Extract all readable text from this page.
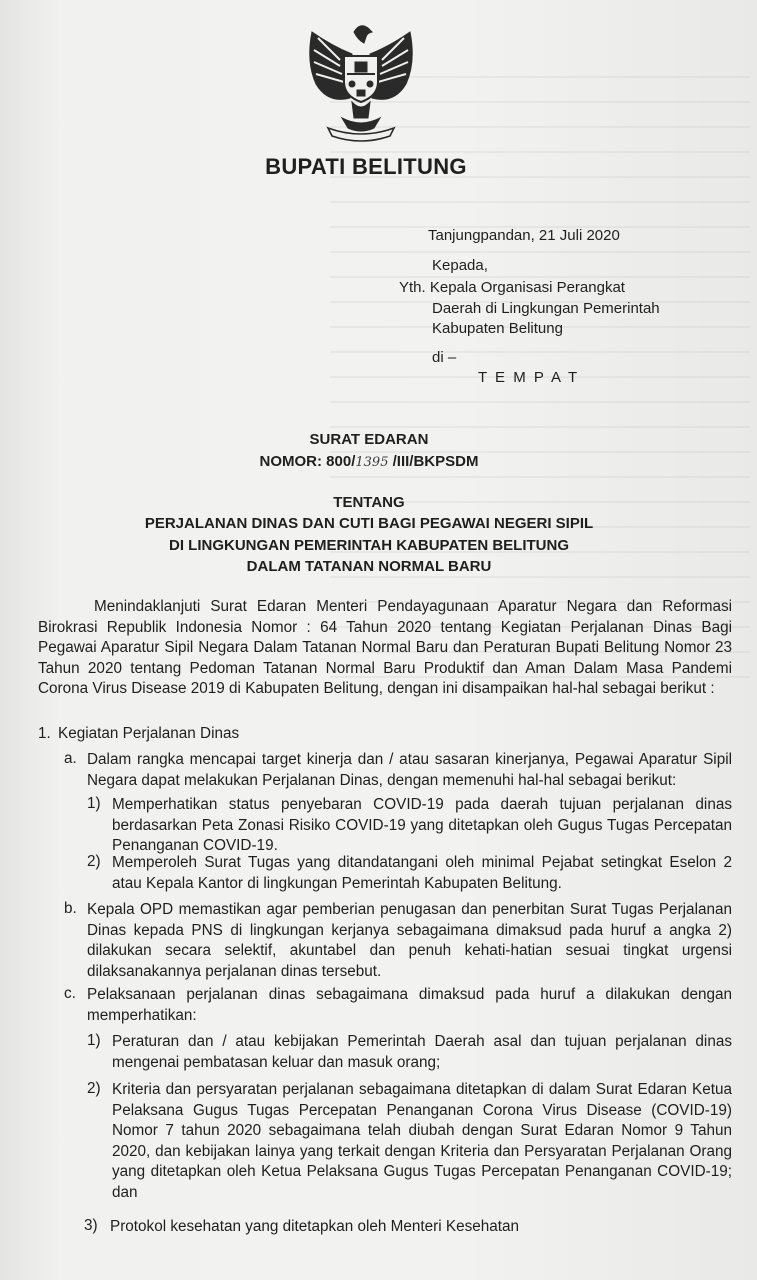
BUPATI BELITUNG
Tanjungpandan, 21 Juli 2020
Kepada,
Yth. Kepala Organisasi Perangkat
Daerah di Lingkungan Pemerintah
Kabupaten Belitung
di –
T E M P A T
SURAT EDARAN
NOMOR: 800/1395 /III/BKPSDM
TENTANG
PERJALANAN DINAS DAN CUTI BAGI PEGAWAI NEGERI SIPIL
DI LINGKUNGAN PEMERINTAH KABUPATEN BELITUNG
DALAM TATANAN NORMAL BARU
Menindaklanjuti Surat Edaran Menteri Pendayagunaan Aparatur Negara dan Reformasi Birokrasi Republik Indonesia Nomor : 64 Tahun 2020 tentang Kegiatan Perjalanan Dinas Bagi Pegawai Aparatur Sipil Negara Dalam Tatanan Normal Baru dan Peraturan Bupati Belitung Nomor 23 Tahun 2020 tentang Pedoman Tatanan Normal Baru Produktif dan Aman Dalam Masa Pandemi Corona Virus Disease 2019 di Kabupaten Belitung, dengan ini disampaikan hal-hal sebagai berikut :
1. Kegiatan Perjalanan Dinas
a. Dalam rangka mencapai target kinerja dan / atau sasaran kinerjanya, Pegawai Aparatur Sipil Negara dapat melakukan Perjalanan Dinas, dengan memenuhi hal-hal sebagai berikut:
1) Memperhatikan status penyebaran COVID-19 pada daerah tujuan perjalanan dinas berdasarkan Peta Zonasi Risiko COVID-19 yang ditetapkan oleh Gugus Tugas Percepatan Penanganan COVID-19.
2) Memperoleh Surat Tugas yang ditandatangani oleh minimal Pejabat setingkat Eselon 2 atau Kepala Kantor di lingkungan Pemerintah Kabupaten Belitung.
b. Kepala OPD memastikan agar pemberian penugasan dan penerbitan Surat Tugas Perjalanan Dinas kepada PNS di lingkungan kerjanya sebagaimana dimaksud pada huruf a angka 2) dilakukan secara selektif, akuntabel dan penuh kehati-hatian sesuai tingkat urgensi dilaksanakannya perjalanan dinas tersebut.
c. Pelaksanaan perjalanan dinas sebagaimana dimaksud pada huruf a dilakukan dengan memperhatikan:
1) Peraturan dan / atau kebijakan Pemerintah Daerah asal dan tujuan perjalanan dinas mengenai pembatasan keluar dan masuk orang;
2) Kriteria dan persyaratan perjalanan sebagaimana ditetapkan di dalam Surat Edaran Ketua Pelaksana Gugus Tugas Percepatan Penanganan Corona Virus Disease (COVID-19) Nomor 7 tahun 2020 sebagaimana telah diubah dengan Surat Edaran Nomor 9 Tahun 2020, dan kebijakan lainya yang terkait dengan Kriteria dan Persyaratan Perjalanan Orang yang ditetapkan oleh Ketua Pelaksana Gugus Tugas Percepatan Penanganan COVID-19; dan
3) Protokol kesehatan yang ditetapkan oleh Menteri Kesehatan
